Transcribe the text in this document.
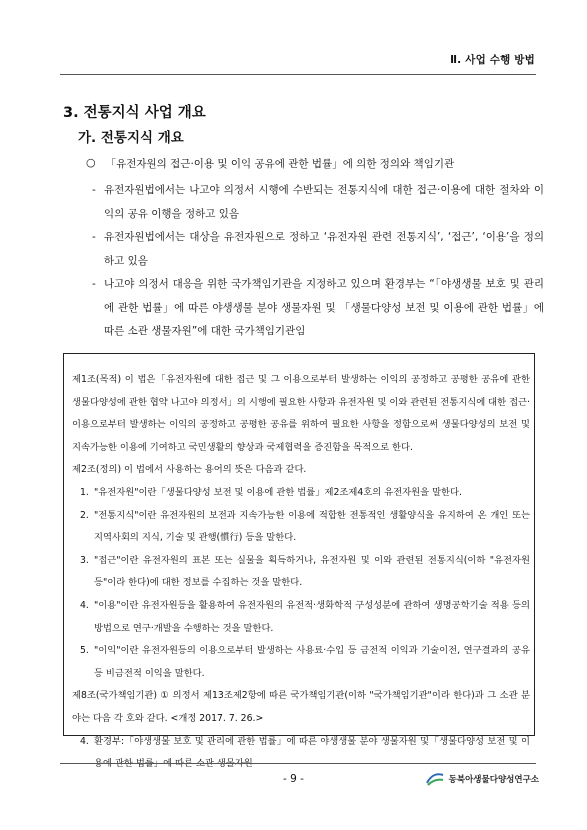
Ⅱ. 사업 수행 방법
3. 전통지식 사업 개요
가. 전통지식 개요
○ 「유전자원의 접근·이용 및 이익 공유에 관한 법률」에 의한 정의와 책임기관
- 유전자원법에서는 나고야 의정서 시행에 수반되는 전통지식에 대한 접근·이용에 대한 절차와 이익의 공유 이행을 정하고 있음
- 유전자원법에서는 대상을 유전자원으로 정하고 ‘유전자원 관련 전통지식’, ‘접근’, ‘이용’을 정의하고 있음
- 나고야 의정서 대응을 위한 국가책임기관을 지정하고 있으며 환경부는 “「야생생물 보호 및 관리에 관한 법률」에 따른 야생생물 분야 생물자원 및 「생물다양성 보전 및 이용에 관한 법률」에 따른 소관 생물자원”에 대한 국가책임기관임

제1조(목적) 이 법은「유전자원에 대한 접근 및 그 이용으로부터 발생하는 이익의 공정하고 공평한 공유에 관한 생물다양성에 관한 협약 나고야 의정서」의 시행에 필요한 사항과 유전자원 및 이와 관련된 전통지식에 대한 접근·이용으로부터 발생하는 이익의 공정하고 공평한 공유를 위하여 필요한 사항을 정함으로써 생물다양성의 보전 및 지속가능한 이용에 기여하고 국민생활의 향상과 국제협력을 증진함을 목적으로 한다.

제2조(정의) 이 법에서 사용하는 용어의 뜻은 다음과 같다.

1. "유전자원"이란「생물다양성 보전 및 이용에 관한 법률」제2조제4호의 유전자원을 말한다.
2. "전통지식"이란 유전자원의 보전과 지속가능한 이용에 적합한 전통적인 생활양식을 유지하여 온 개인 또는 지역사회의 지식, 기술 및 관행(慣行) 등을 말한다.
3. "접근"이란 유전자원의 표본 또는 실물을 획득하거나, 유전자원 및 이와 관련된 전통지식(이하 "유전자원등"이라 한다)에 대한 정보를 수집하는 것을 말한다.
4. "이용"이란 유전자원등을 활용하여 유전자원의 유전적·생화학적 구성성분에 관하여 생명공학기술 적용 등의 방법으로 연구·개발을 수행하는 것을 말한다.
5. "이익"이란 유전자원등의 이용으로부터 발생하는 사용료·수입 등 금전적 이익과 기술이전, 연구결과의 공유 등 비금전적 이익을 말한다.

제8조(국가책임기관) ① 의정서 제13조제2항에 따른 국가책임기관(이하 "국가책임기관"이라 한다)과 그 소관 분야는 다음 각 호와 같다. <개정 2017. 7. 26.>

4. 환경부:「야생생물 보호 및 관리에 관한 법률」에 따른 야생생물 분야 생물자원 및「생물다양성 보전 및 이용에 관한 법률」에 따른 소관 생물자원
- 9 -	동북아생물다양성연구소
